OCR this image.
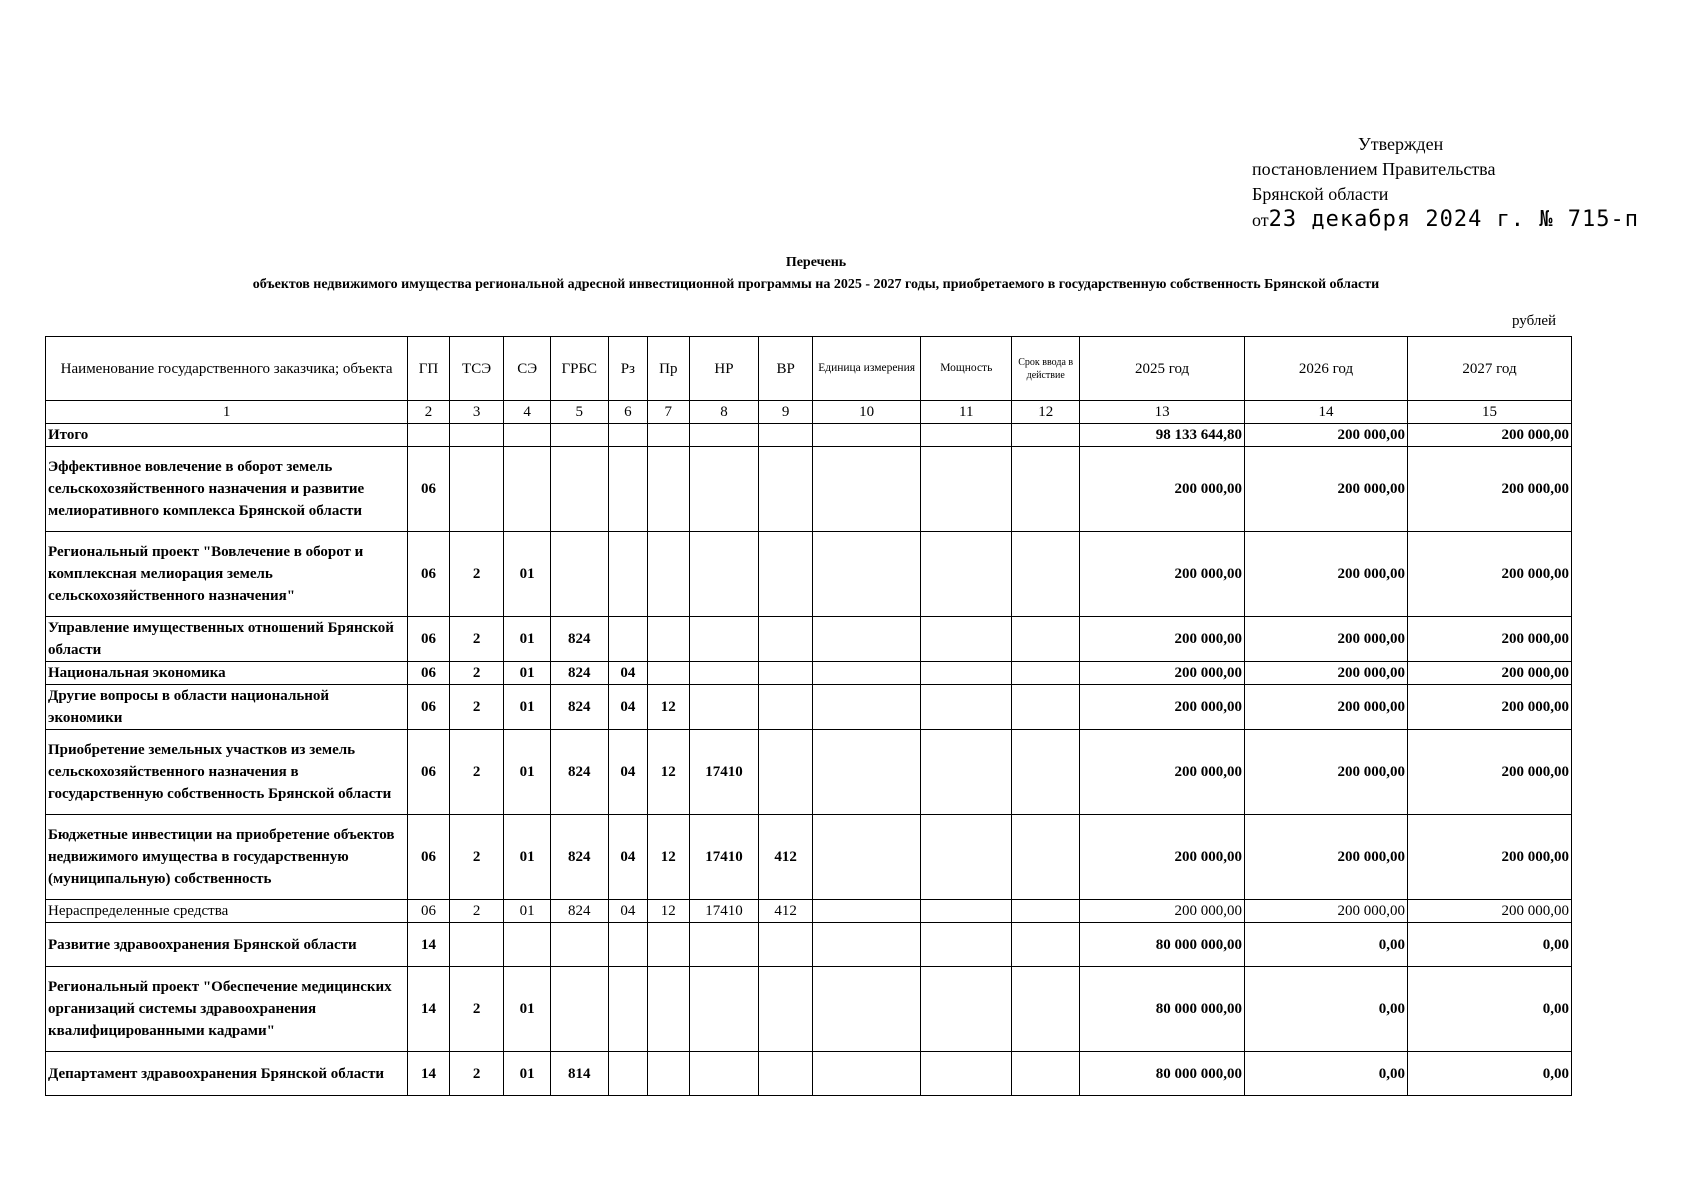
Утвержден
постановлением Правительства
Брянской области
от23 декабря 2024 г. № 715-п
Перечень
объектов недвижимого имущества региональной адресной инвестиционной программы на 2025 - 2027 годы, приобретаемого в государственную собственность Брянской области
рублей
Наименование государственного заказчика; объекта	ГП	ТСЭ	СЭ	ГРБС	Рз	Пр	НР	ВР	Единица измерения	Мощность	Срок ввода в действие	2025 год	2026 год	2027 год
1	2	3	4	5	6	7	8	9	10	11	12	13	14	15
Итого												98 133 644,80	200 000,00	200 000,00
Эффективное вовлечение в оборот земель сельскохозяйственного назначения и развитие мелиоративного комплекса Брянской области	06											200 000,00	200 000,00	200 000,00
Региональный проект "Вовлечение в оборот и комплексная мелиорация земель сельскохозяйственного назначения"	06	2	01									200 000,00	200 000,00	200 000,00
Управление имущественных отношений Брянской области	06	2	01	824								200 000,00	200 000,00	200 000,00
Национальная экономика	06	2	01	824	04							200 000,00	200 000,00	200 000,00
Другие вопросы в области национальной экономики	06	2	01	824	04	12						200 000,00	200 000,00	200 000,00
Приобретение земельных участков из земель сельскохозяйственного назначения в государственную собственность Брянской области	06	2	01	824	04	12	17410					200 000,00	200 000,00	200 000,00
Бюджетные инвестиции на приобретение объектов недвижимого имущества в государственную (муниципальную) собственность	06	2	01	824	04	12	17410	412				200 000,00	200 000,00	200 000,00
Нераспределенные средства	06	2	01	824	04	12	17410	412				200 000,00	200 000,00	200 000,00
Развитие здравоохранения Брянской области	14											80 000 000,00	0,00	0,00
Региональный проект "Обеспечение медицинских организаций системы здравоохранения квалифицированными кадрами"	14	2	01									80 000 000,00	0,00	0,00
Департамент здравоохранения Брянской области	14	2	01	814								80 000 000,00	0,00	0,00
